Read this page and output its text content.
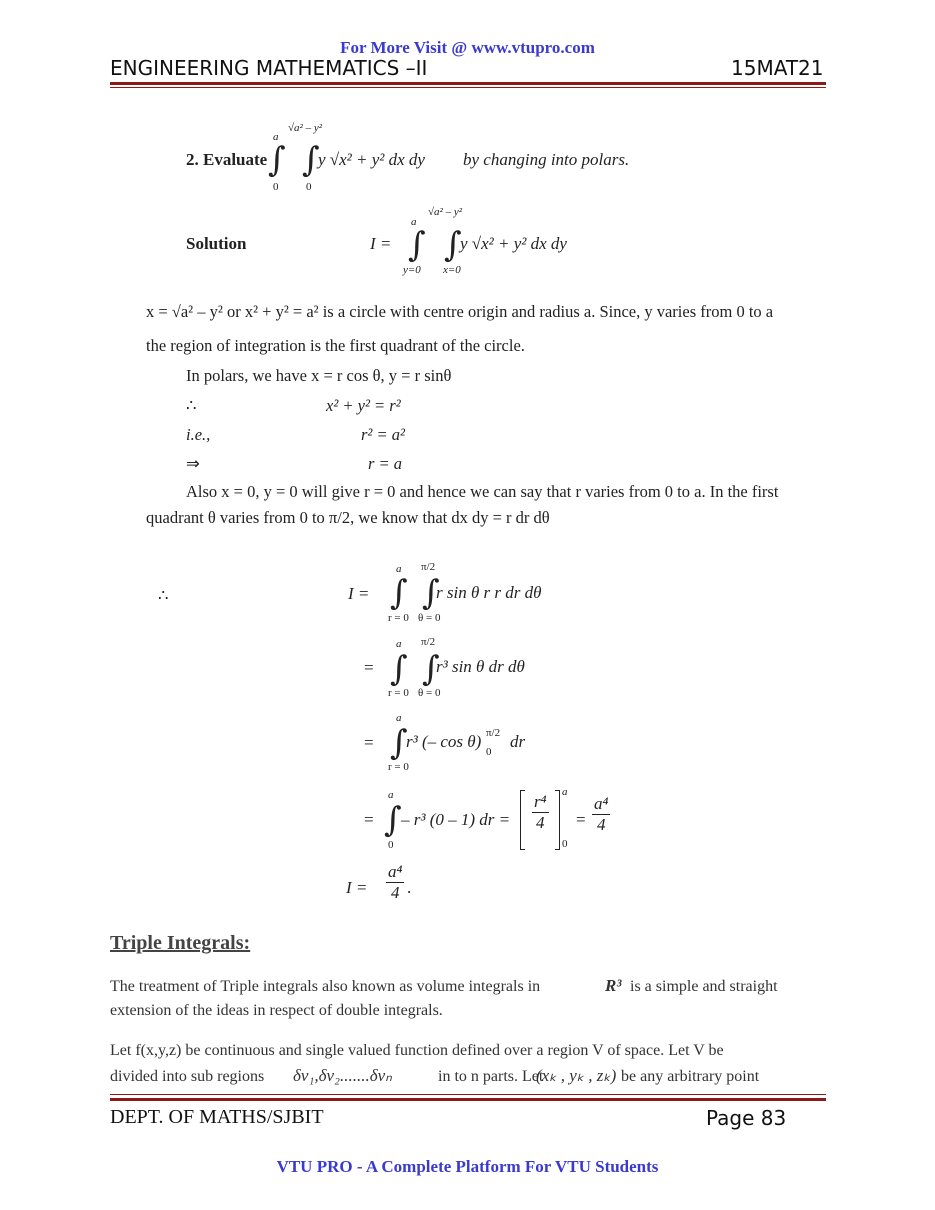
For More Visit @ www.vtupro.com
ENGINEERING MATHEMATICS –II	15MAT21
2. Evaluate ∫
a
0
∫
√a² – y²
0
y √x² + y² dx dy by changing into polars.
Solution	I = ∫
a
y=0
∫
√a² – y²
x=0
y √x² + y² dx dy
x = √a² – y² or x² + y² = a² is a circle with centre origin and radius a. Since, y varies from 0 to a
the region of integration is the first quadrant of the circle.
In polars, we have x = r cos θ, y = r sinθ
∴	x² + y² = r²
i.e.,	r² = a²
⇒	r = a
Also x = 0, y = 0 will give r = 0 and hence we can say that r varies from 0 to a. In the first
quadrant θ varies from 0 to π/2, we know that dx dy = r dr dθ
∴	I =
a
∫
r = 0
π/2
∫
θ = 0
r sin θ r r dr dθ
=
a
∫
r = 0
π/2
∫
θ = 0
r³ sin θ dr dθ
=
a
∫
r = 0
r³ (– cos θ) π/2
0
dr
=
a
∫
0
– r³ (0 – 1) dr = $\frac{\text{r⁴}}{4}$ a
0
= $\frac{\text{a⁴}}{4}$
$I = \frac{\text{a⁴}}{4}$ .
Triple Integrals:
The treatment of Triple integrals also known as volume integrals in	R³ is a simple and straight
extension of the ideas in respect of double integrals.
Let f(x,y,z) be continuous and single valued function defined over a region V of space. Let V be
divided into sub regions δv₁,δv₂.......δvₙ	in to n parts. Let
(xₖ , yₖ , zₖ) be any arbitrary point
DEPT. OF MATHS/SJBIT	Page 83
VTU PRO - A Complete Platform For VTU Students
